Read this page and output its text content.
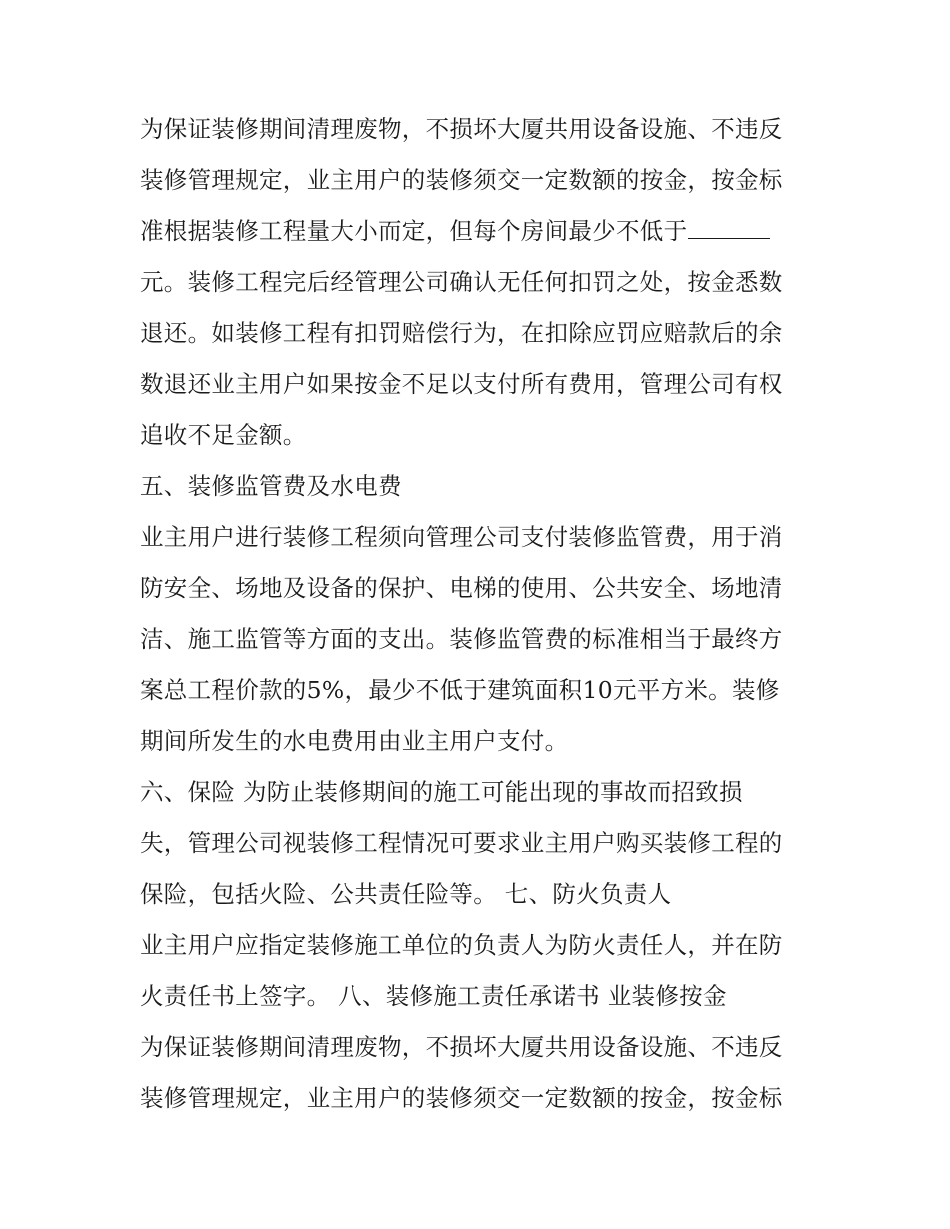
为保证装修期间清理废物，不损坏大厦共用设备设施、不违反
装修管理规定，业主用户的装修须交一定数额的按金，按金标
准根据装修工程量大小而定，但每个房间最少不低于
元。装修工程完后经管理公司确认无任何扣罚之处，按金悉数
退还。如装修工程有扣罚赔偿行为，在扣除应罚应赔款后的余
数退还业主用户如果按金不足以支付所有费用，管理公司有权
追收不足金额。
五、装修监管费及水电费
业主用户进行装修工程须向管理公司支付装修监管费，用于消
防安全、场地及设备的保护、电梯的使用、公共安全、场地清
洁、施工监管等方面的支出。装修监管费的标准相当于最终方
案总工程价款的5%，最少不低于建筑面积10元平方米。装修
期间所发生的水电费用由业主用户支付。
六、保险 为防止装修期间的施工可能出现的事故而招致损
失，管理公司视装修工程情况可要求业主用户购买装修工程的
保险，包括火险、公共责任险等。 七、防火负责人
业主用户应指定装修施工单位的负责人为防火责任人，并在防
火责任书上签字。 八、装修施工责任承诺书 业装修按金
为保证装修期间清理废物，不损坏大厦共用设备设施、不违反
装修管理规定，业主用户的装修须交一定数额的按金，按金标
